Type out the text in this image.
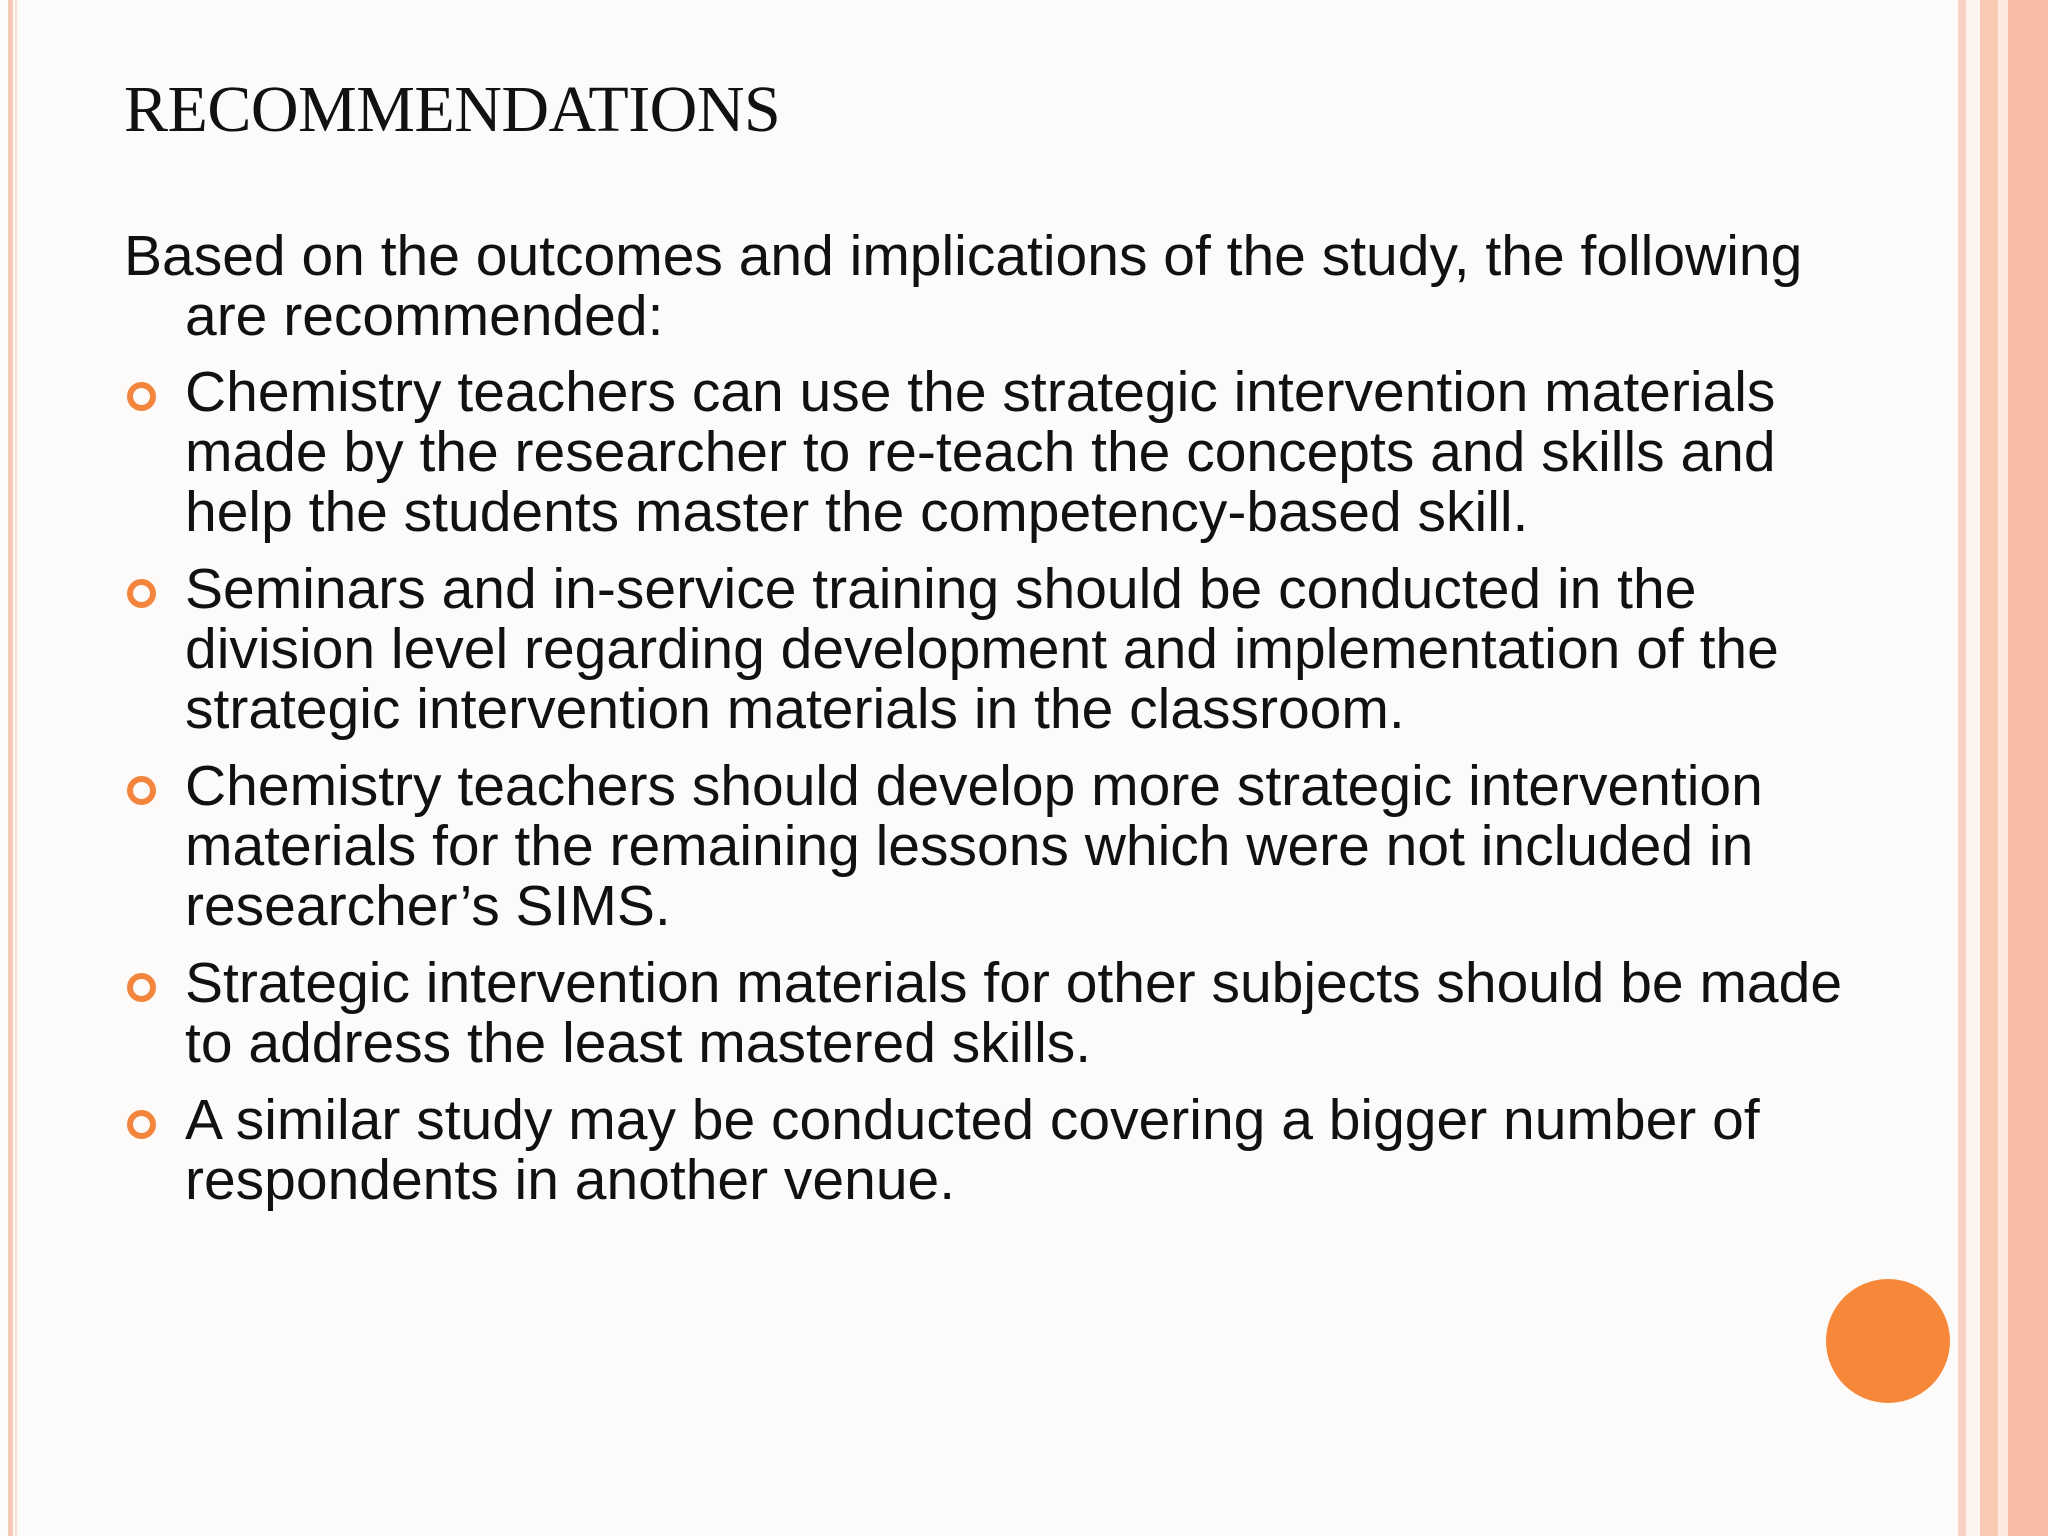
RECOMMENDATIONS

Based on the outcomes and implications of the study, the following are recommended:

Chemistry teachers can use the strategic intervention materials made by the researcher to re-teach the concepts and skills and help the students master the competency-based skill.
Seminars and in-service training should be conducted in the division level regarding development and implementation of the strategic intervention materials in the classroom.
Chemistry teachers should develop more strategic intervention materials for the remaining lessons which were not included in researcher’s SIMS.
Strategic intervention materials for other subjects should be made to address the least mastered skills.
A similar study may be conducted covering a bigger number of respondents in another venue.
